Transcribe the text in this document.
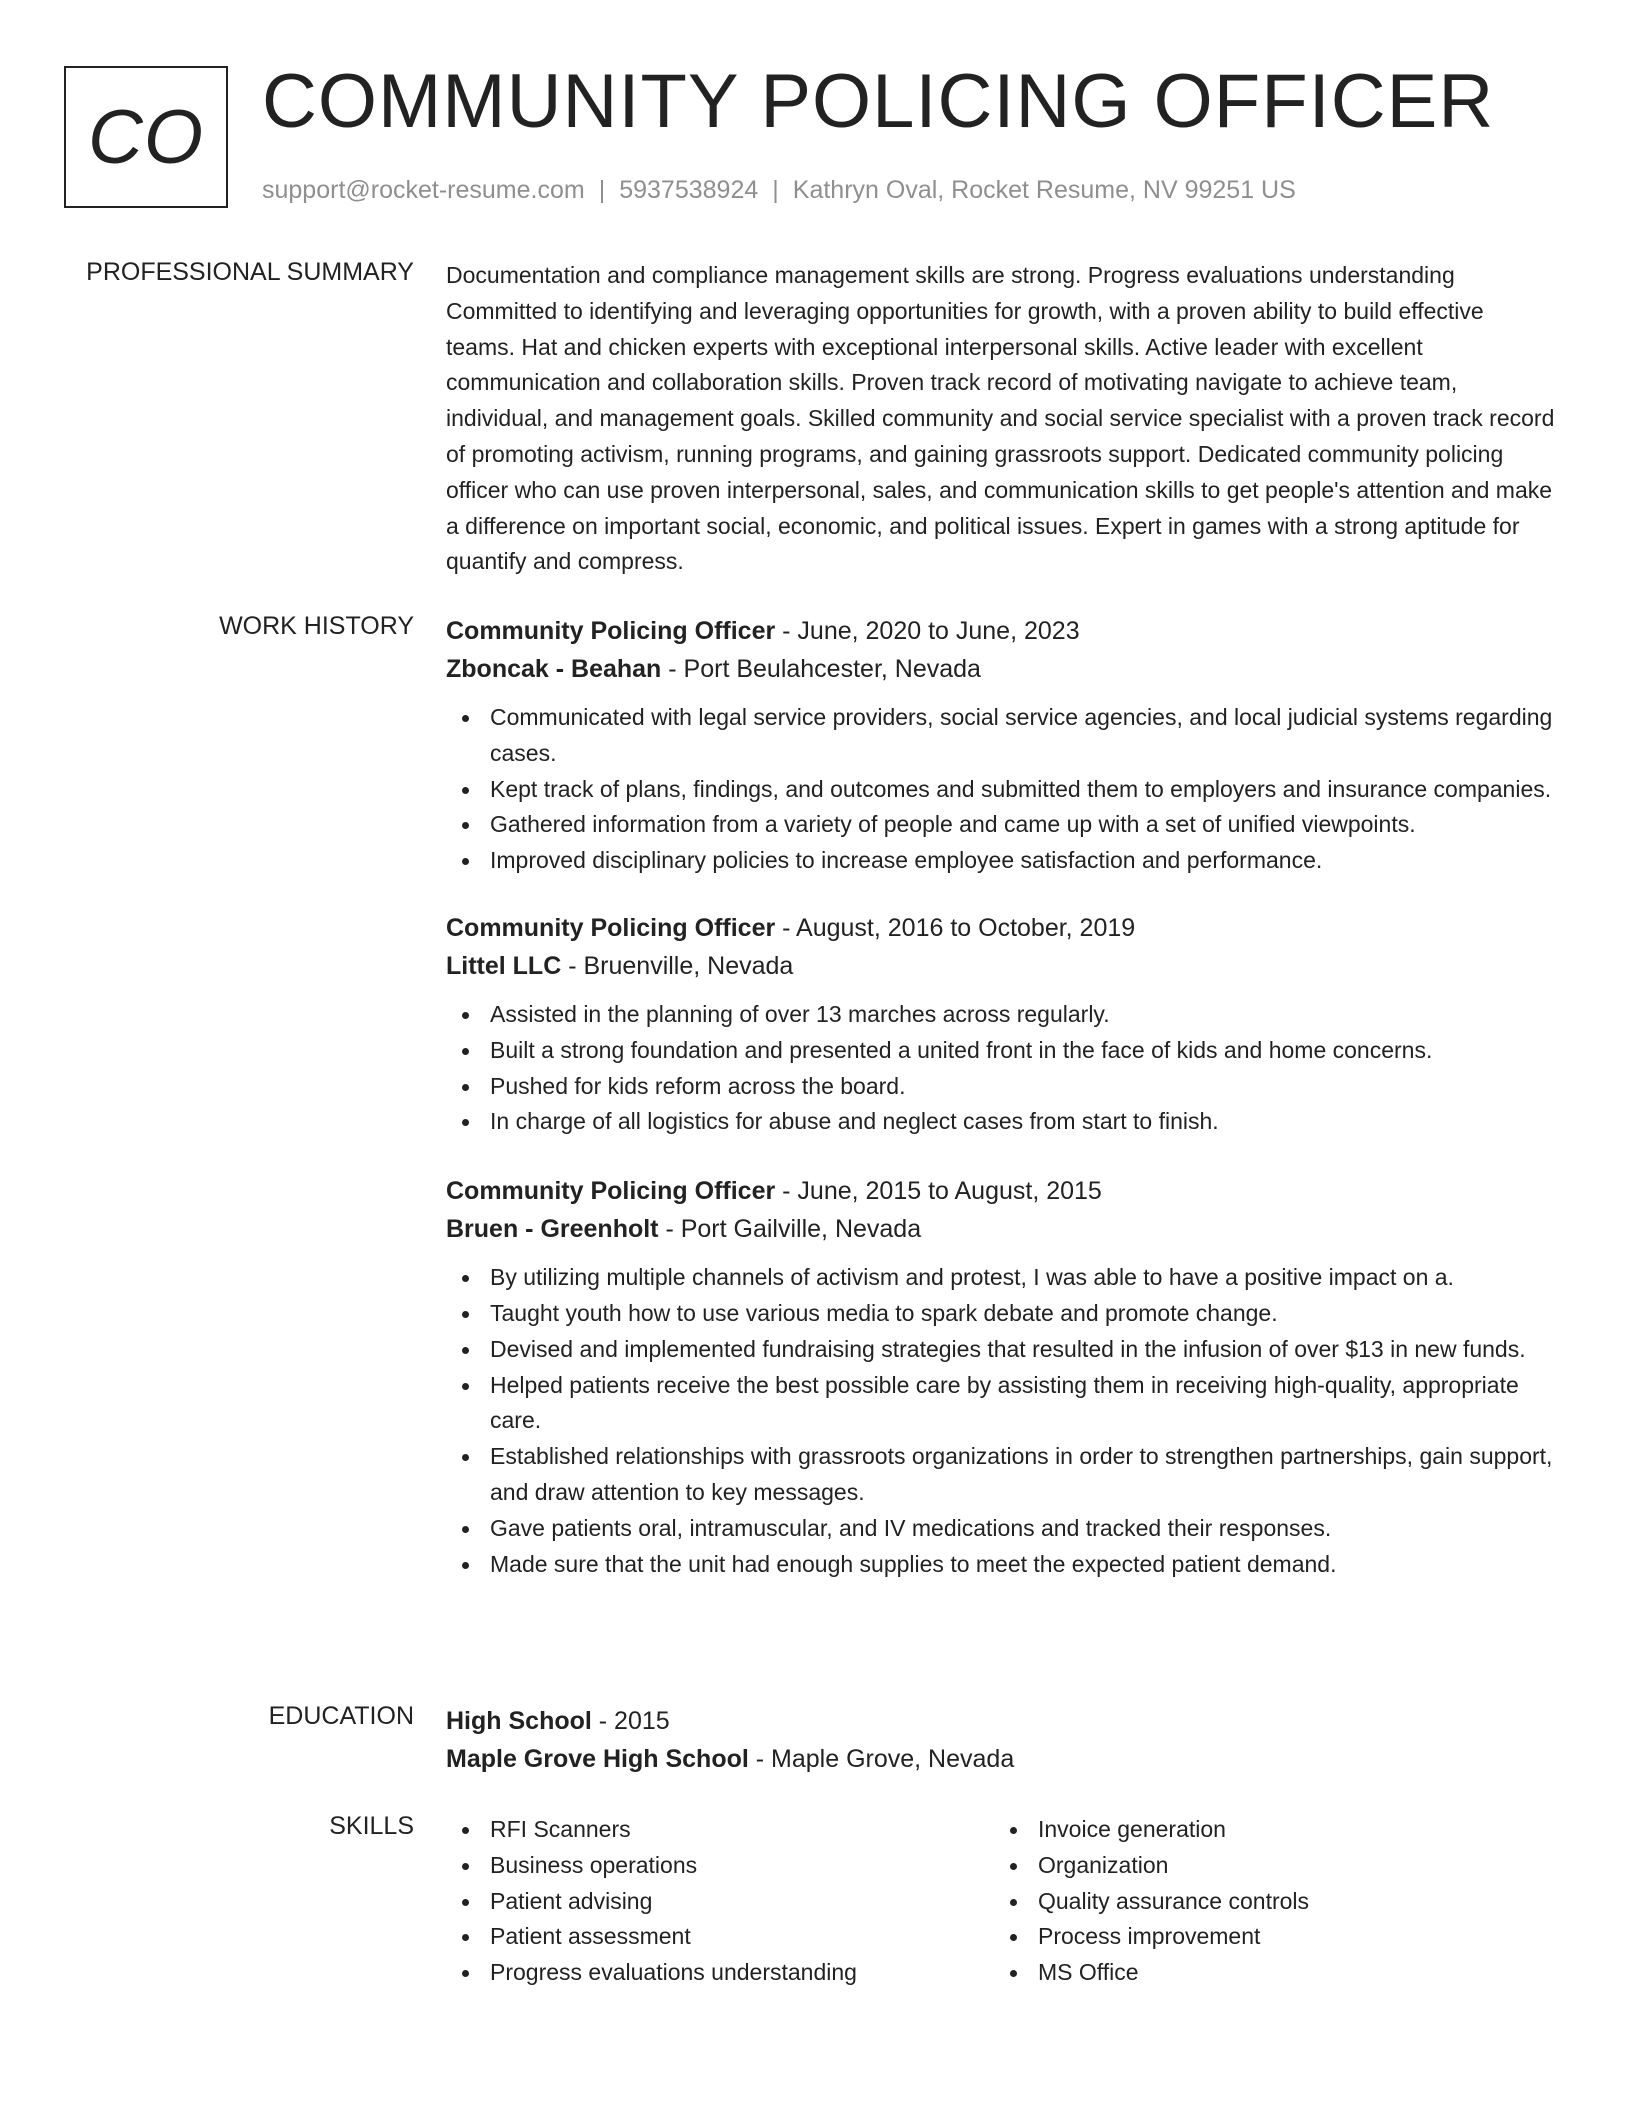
CO COMMUNITY POLICING OFFICER
support@rocket-resume.com | 5937538924 | Kathryn Oval, Rocket Resume, NV 99251 US
PROFESSIONAL SUMMARY Documentation and compliance management skills are strong. Progress evaluations understanding Committed to identifying and leveraging opportunities for growth, with a proven ability to build effective teams. Hat and chicken experts with exceptional interpersonal skills. Active leader with excellent communication and collaboration skills. Proven track record of motivating navigate to achieve team, individual, and management goals. Skilled community and social service specialist with a proven track record of promoting activism, running programs, and gaining grassroots support. Dedicated community policing officer who can use proven interpersonal, sales, and communication skills to get people's attention and make a difference on important social, economic, and political issues. Expert in games with a strong aptitude for quantify and compress.

WORK HISTORY Community Policing Officer - June, 2020 to June, 2023
Zboncak - Beahan - Port Beulahcester, Nevada
Communicated with legal service providers, social service agencies, and local judicial systems regarding cases.
Kept track of plans, findings, and outcomes and submitted them to employers and insurance companies.
Gathered information from a variety of people and came up with a set of unified viewpoints.
Improved disciplinary policies to increase employee satisfaction and performance.
Community Policing Officer - August, 2016 to October, 2019
Littel LLC - Bruenville, Nevada
Assisted in the planning of over 13 marches across regularly.
Built a strong foundation and presented a united front in the face of kids and home concerns.
Pushed for kids reform across the board.
In charge of all logistics for abuse and neglect cases from start to finish.
Community Policing Officer - June, 2015 to August, 2015
Bruen - Greenholt - Port Gailville, Nevada
By utilizing multiple channels of activism and protest, I was able to have a positive impact on a.
Taught youth how to use various media to spark debate and promote change.
Devised and implemented fundraising strategies that resulted in the infusion of over $13 in new funds.
Helped patients receive the best possible care by assisting them in receiving high-quality, appropriate care.
Established relationships with grassroots organizations in order to strengthen partnerships, gain support, and draw attention to key messages.
Gave patients oral, intramuscular, and IV medications and tracked their responses.
Made sure that the unit had enough supplies to meet the expected patient demand.
EDUCATION High School - 2015
Maple Grove High School - Maple Grove, Nevada
SKILLS	RFI Scanners
Business operations
Patient advising
Patient assessment
Progress evaluations understanding
Invoice generation
Organization
Quality assurance controls
Process improvement
MS Office
